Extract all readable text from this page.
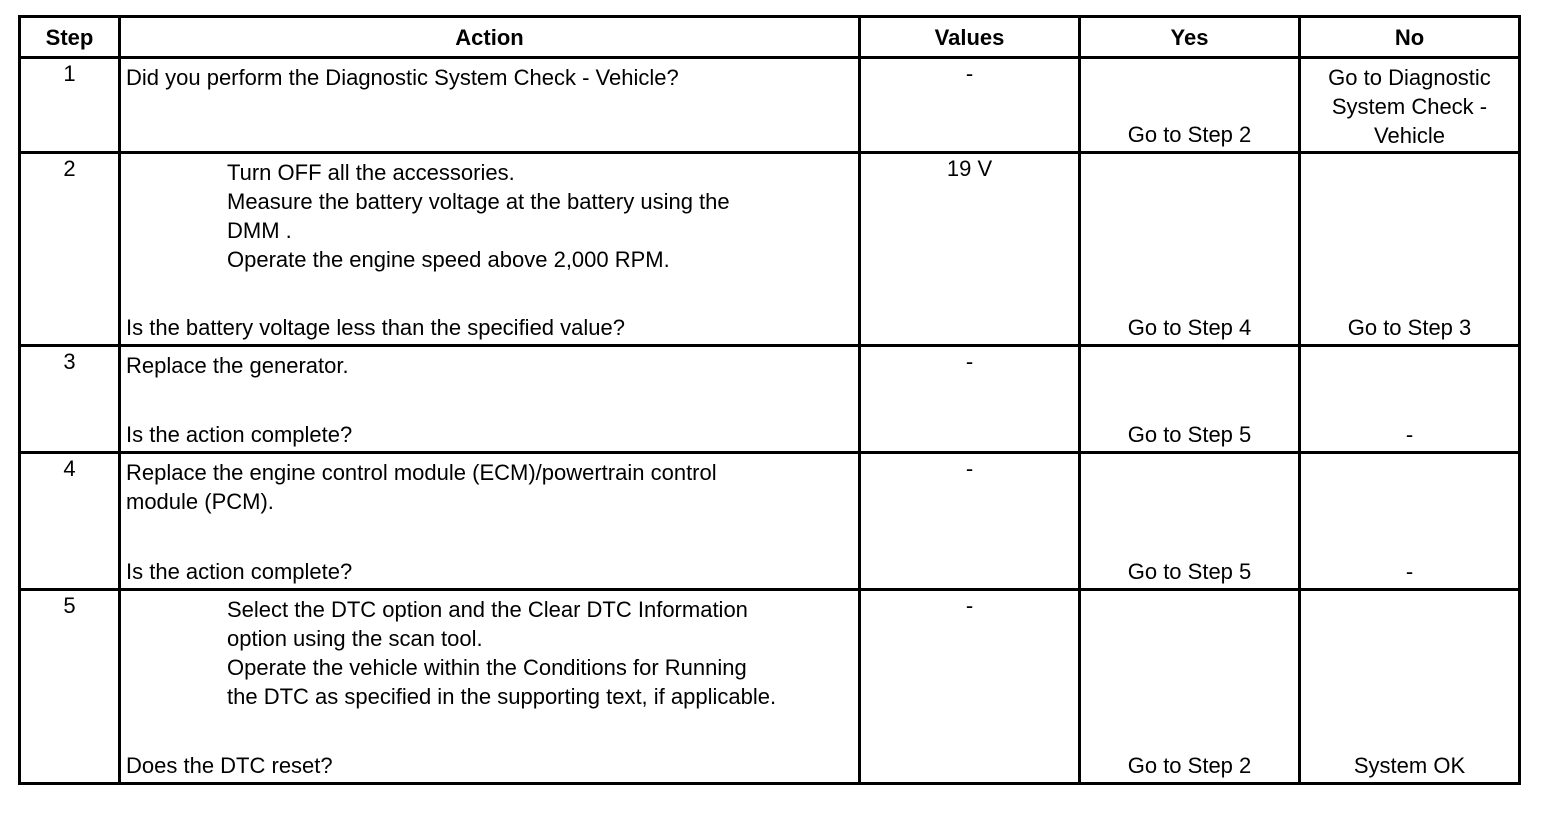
Step	Action	Values	Yes	No
1	Did you perform the Diagnostic System Check - Vehicle?	-	Go to Step 2	Go to Diagnostic
System Check -
Vehicle

2	Turn OFF all the accessories.
Measure the battery voltage at the battery using the
DMM .
Operate the engine speed above 2,000 RPM.
Is the battery voltage less than the specified value?	19 V	Go to Step 4	Go to Step 3

3	Replace the generator.
Is the action complete?	-	Go to Step 5	-

4	Replace the engine control module (ECM)/powertrain control
module (PCM).
Is the action complete?	-	Go to Step 5	-

5	Select the DTC option and the Clear DTC Information
option using the scan tool.
Operate the vehicle within the Conditions for Running
the DTC as specified in the supporting text, if applicable.
Does the DTC reset?	-	Go to Step 2	System OK
